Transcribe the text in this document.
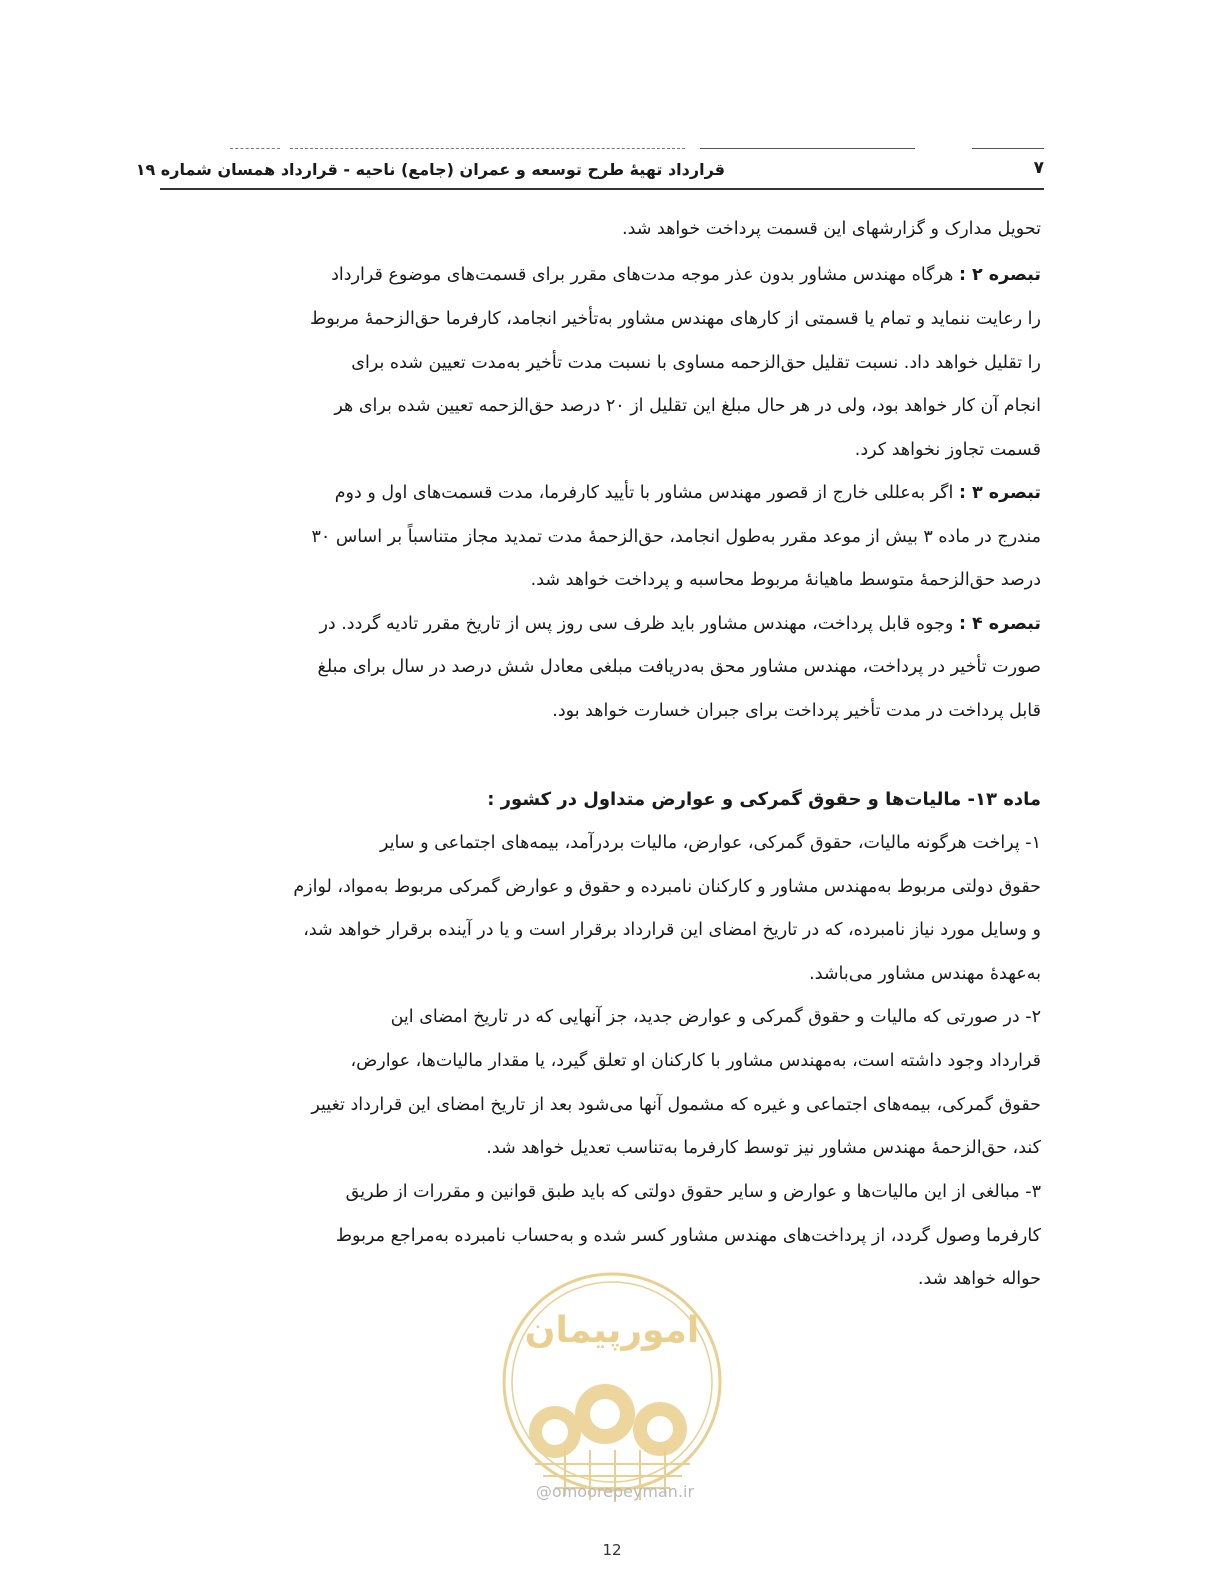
۷
قرارداد تهیهٔ طرح توسعه و عمران (جامع) ناحیه - قرارداد همسان شماره ۱۹
تحویل مدارک و گزارشهای این قسمت پرداخت خواهد شد.
تبصره ۲ : هرگاه مهندس مشاور بدون عذر موجه مدت‌های مقرر برای قسمت‌های موضوع قرارداد
را رعایت ننماید و تمام یا قسمتی از کارهای مهندس مشاور به‌تأخیر انجامد، کارفرما حق‌الزحمهٔ مربوط
را تقلیل خواهد داد. نسبت تقلیل حق‌الزحمه مساوی با نسبت مدت تأخیر به‌مدت تعیین شده برای
انجام آن کار خواهد بود، ولی در هر حال مبلغ این تقلیل از ۲۰ درصد حق‌الزحمه تعیین شده برای هر
قسمت تجاوز نخواهد کرد.
تبصره ۳ : اگر به‌عللی خارج از قصور مهندس مشاور با تأیید کارفرما، مدت قسمت‌های اول و دوم
مندرج در ماده ۳ بیش از موعد مقرر به‌طول انجامد، حق‌الزحمهٔ مدت تمدید مجاز متناسباً بر اساس ۳۰
درصد حق‌الزحمهٔ متوسط ماهیانهٔ مربوط محاسبه و پرداخت خواهد شد.
تبصره ۴ : وجوه قابل پرداخت، مهندس مشاور باید ظرف سی روز پس از تاریخ مقرر تادیه گردد. در
صورت تأخیر در پرداخت، مهندس مشاور محق به‌دریافت مبلغی معادل شش درصد در سال برای مبلغ
قابل پرداخت در مدت تأخیر پرداخت برای جبران خسارت خواهد بود.
ماده ۱۳- مالیات‌ها و حقوق گمرکی و عوارض متداول در کشور :
۱- پراخت هرگونه مالیات، حقوق گمرکی، عوارض، مالیات بردرآمد، بیمه‌های اجتماعی و سایر
حقوق دولتی مربوط به‌مهندس مشاور و کارکنان نامبرده و حقوق و عوارض گمرکی مربوط به‌مواد، لوازم
و وسایل مورد نیاز نامبرده، که در تاریخ امضای این قرارداد برقرار است و یا در آینده برقرار خواهد شد،
به‌عهدهٔ مهندس مشاور می‌باشد.
۲- در صورتی که مالیات و حقوق گمرکی و عوارض جدید، جز آنهایی که در تاریخ امضای این
قرارداد وجود داشته است، به‌مهندس مشاور با کارکنان او تعلق گیرد، یا مقدار مالیات‌ها، عوارض،
حقوق گمرکی، بیمه‌های اجتماعی و غیره که مشمول آنها می‌شود بعد از تاریخ امضای این قرارداد تغییر
کند، حق‌الزحمهٔ مهندس مشاور نیز توسط کارفرما به‌تناسب تعدیل خواهد شد.
۳- مبالغی از این مالیات‌ها و عوارض و سایر حقوق دولتی که باید طبق قوانین و مقررات از طریق
کارفرما وصول گردد، از پرداخت‌های مهندس مشاور کسر شده و به‌حساب نامبرده به‌مراجع مربوط
حواله خواهد شد.
امورپیمان
@omoorepeyman.ir
12
